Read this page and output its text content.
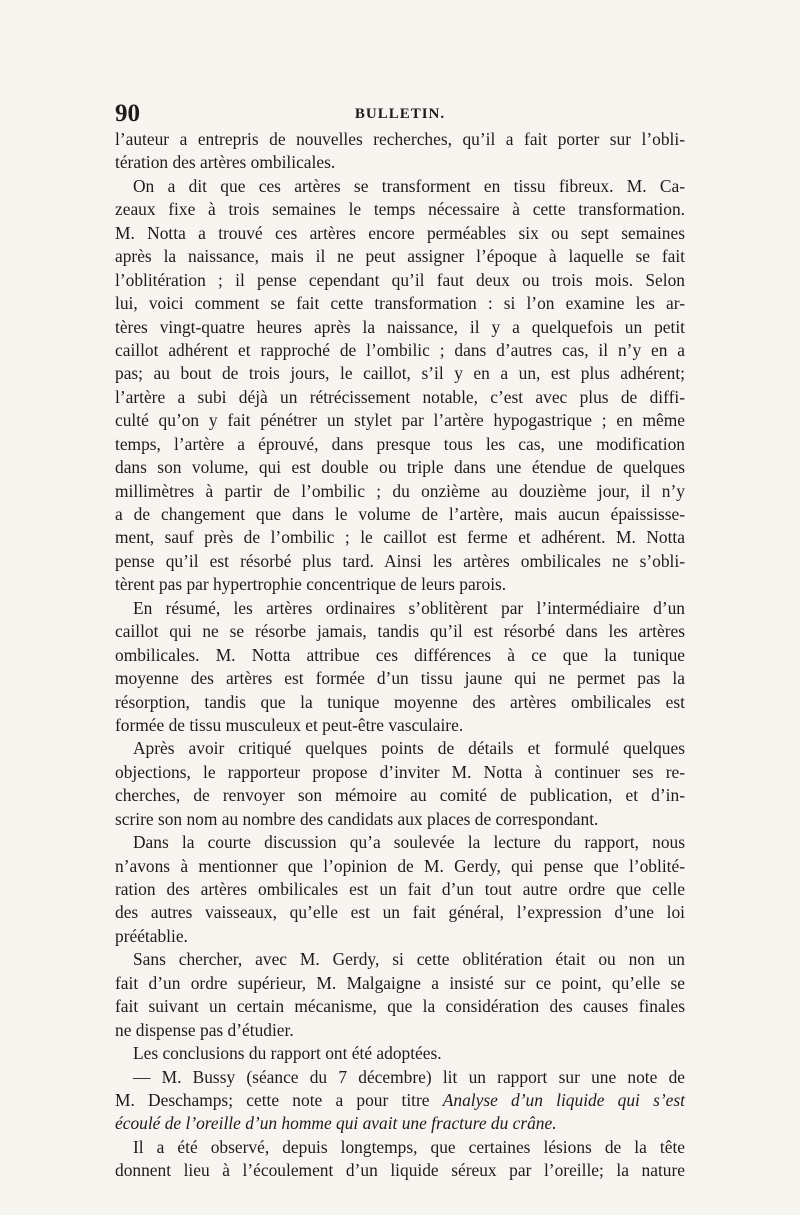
90	BULLETIN.
l’auteur a entrepris de nouvelles recherches, qu’il a fait porter sur l’obli-
tération des artères ombilicales.
On a dit que ces artères se transforment en tissu fibreux. M. Ca-
zeaux fixe à trois semaines le temps nécessaire à cette transformation.
M. Notta a trouvé ces artères encore perméables six ou sept semaines
après la naissance, mais il ne peut assigner l’époque à laquelle se fait
l’oblitération ; il pense cependant qu’il faut deux ou trois mois. Selon
lui, voici comment se fait cette transformation : si l’on examine les ar-
tères vingt-quatre heures après la naissance, il y a quelquefois un petit
caillot adhérent et rapproché de l’ombilic ; dans d’autres cas, il n’y en a
pas; au bout de trois jours, le caillot, s’il y en a un, est plus adhérent;
l’artère a subi déjà un rétrécissement notable, c’est avec plus de diffi-
culté qu’on y fait pénétrer un stylet par l’artère hypogastrique ; en même
temps, l’artère a éprouvé, dans presque tous les cas, une modification
dans son volume, qui est double ou triple dans une étendue de quelques
millimètres à partir de l’ombilic ; du onzième au douzième jour, il n’y
a de changement que dans le volume de l’artère, mais aucun épaississe-
ment, sauf près de l’ombilic ; le caillot est ferme et adhérent. M. Notta
pense qu’il est résorbé plus tard. Ainsi les artères ombilicales ne s’obli-
tèrent pas par hypertrophie concentrique de leurs parois.
En résumé, les artères ordinaires s’oblitèrent par l’intermédiaire d’un
caillot qui ne se résorbe jamais, tandis qu’il est résorbé dans les artères
ombilicales. M. Notta attribue ces différences à ce que la tunique
moyenne des artères est formée d’un tissu jaune qui ne permet pas la
résorption, tandis que la tunique moyenne des artères ombilicales est
formée de tissu musculeux et peut-être vasculaire.
Après avoir critiqué quelques points de détails et formulé quelques
objections, le rapporteur propose d’inviter M. Notta à continuer ses re-
cherches, de renvoyer son mémoire au comité de publication, et d’in-
scrire son nom au nombre des candidats aux places de correspondant.
Dans la courte discussion qu’a soulevée la lecture du rapport, nous
n’avons à mentionner que l’opinion de M. Gerdy, qui pense que l’oblité-
ration des artères ombilicales est un fait d’un tout autre ordre que celle
des autres vaisseaux, qu’elle est un fait général, l’expression d’une loi
préétablie.
Sans chercher, avec M. Gerdy, si cette oblitération était ou non un
fait d’un ordre supérieur, M. Malgaigne a insisté sur ce point, qu’elle se
fait suivant un certain mécanisme, que la considération des causes finales
ne dispense pas d’étudier.
Les conclusions du rapport ont été adoptées.
— M. Bussy (séance du 7 décembre) lit un rapport sur une note de
M. Deschamps; cette note a pour titre Analyse d’un liquide qui s’est
écoulé de l’oreille d’un homme qui avait une fracture du crâne.
Il a été observé, depuis longtemps, que certaines lésions de la tête
donnent lieu à l’écoulement d’un liquide séreux par l’oreille; la nature
